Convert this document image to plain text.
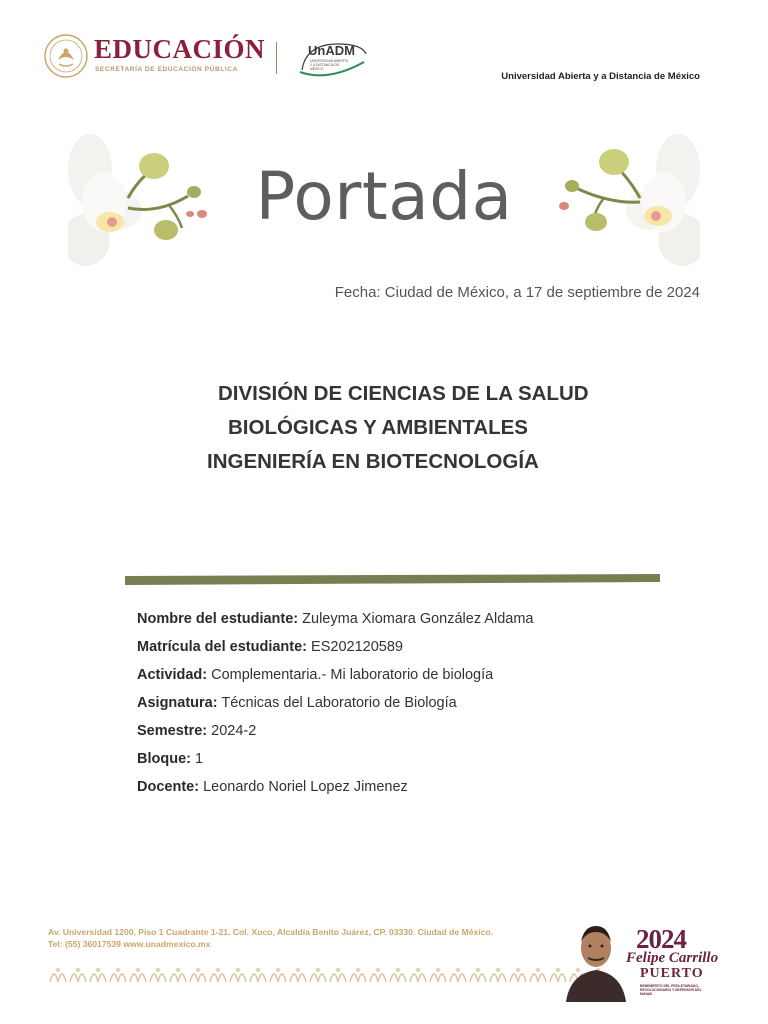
EDUCACIÓN
SECRETARÍA DE EDUCACIÓN PÚBLICA
UnADM
UNIVERSIDAD ABIERTA Y A DISTANCIA DE MÉXICO
Universidad Abierta y a Distancia de México
Portada
Fecha: Ciudad de México, a 17 de septiembre de 2024
DIVISIÓN DE CIENCIAS DE LA SALUD
BIOLÓGICAS Y AMBIENTALES
INGENIERÍA EN BIOTECNOLOGÍA
Nombre del estudiante: Zuleyma Xiomara González Aldama
Matrícula del estudiante: ES202120589
Actividad: Complementaria.- Mi laboratorio de biología
Asignatura: Técnicas del Laboratorio de Biología
Semestre: 2024-2
Bloque: 1
Docente: Leonardo Noriel Lopez Jimenez
Av. Universidad 1200, Piso 1 Cuadrante 1-21. Col. Xoco, Alcaldía Benito Juárez, CP. 03330. Ciudad de México.
Tel: (55) 36017539 www.unadmexico.mx	2024
Felipe Carrillo
PUERTO
BENEMÉRITO DEL PROLETARIADO, REVOLUCIONARIO Y DEFENSOR DEL MAYAB
